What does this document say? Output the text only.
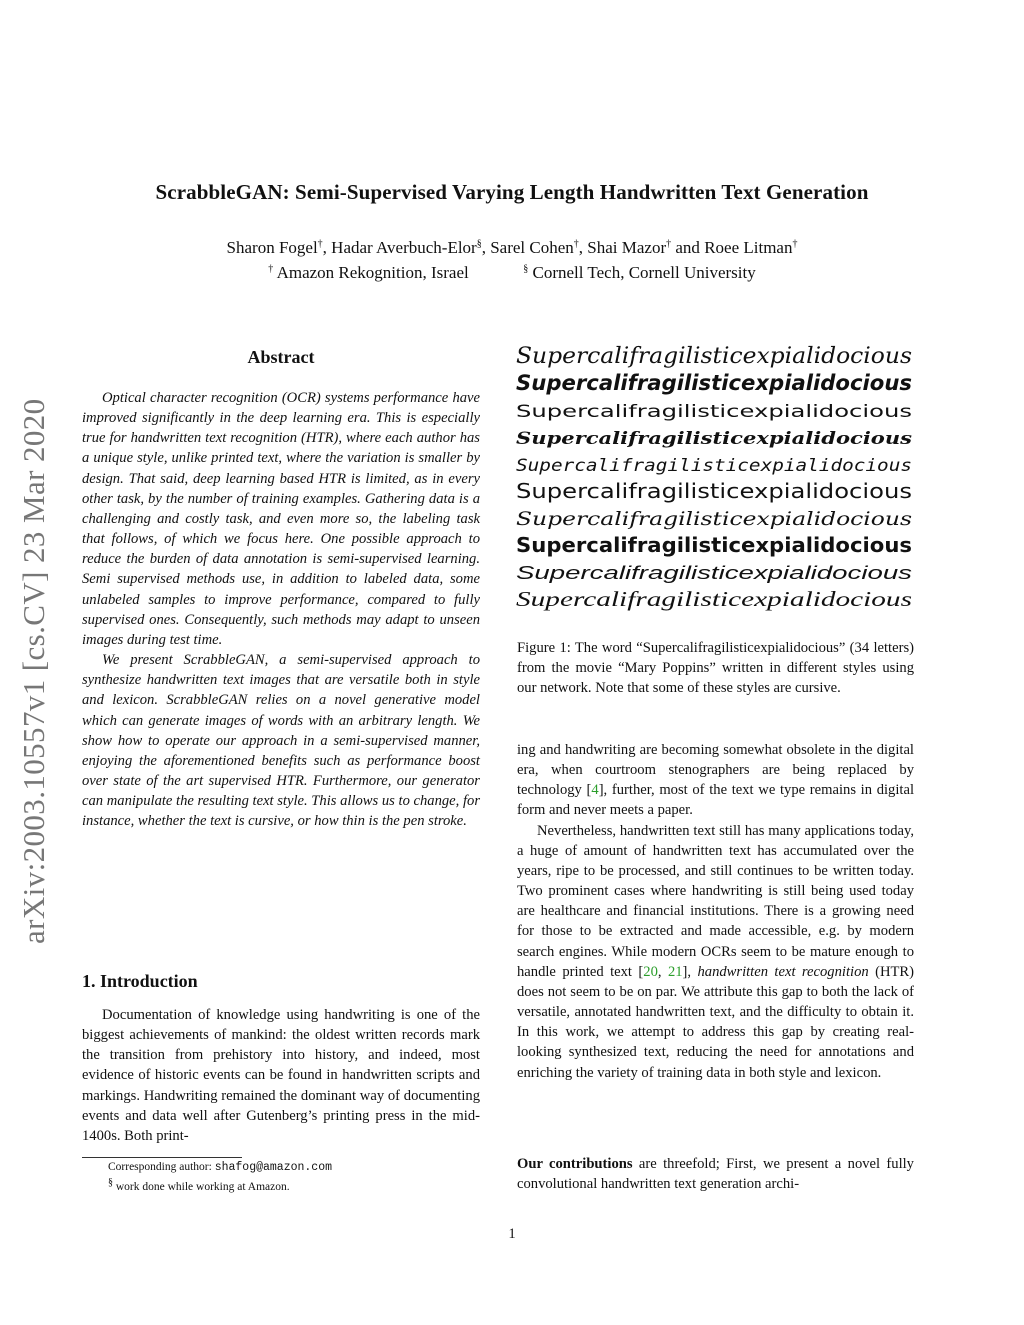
ScrabbleGAN: Semi-Supervised Varying Length Handwritten Text Generation
Sharon Fogel†, Hadar Averbuch-Elor§, Sarel Cohen†, Shai Mazor† and Roee Litman†
† Amazon Rekognition, Israel	§ Cornell Tech, Cornell University
arXiv:2003.10557v1 [cs.CV] 23 Mar 2020
Abstract

Optical character recognition (OCR) systems performance have improved significantly in the deep learning era. This is especially true for handwritten text recognition (HTR), where each author has a unique style, unlike printed text, where the variation is smaller by design. That said, deep learning based HTR is limited, as in every other task, by the number of training examples. Gathering data is a challenging and costly task, and even more so, the labeling task that follows, of which we focus here. One possible approach to reduce the burden of data annotation is semi-supervised learning. Semi supervised methods use, in addition to labeled data, some unlabeled samples to improve performance, compared to fully supervised ones. Consequently, such methods may adapt to unseen images during test time.

We present ScrabbleGAN, a semi-supervised approach to synthesize handwritten text images that are versatile both in style and lexicon. ScrabbleGAN relies on a novel generative model which can generate images of words with an arbitrary length. We show how to operate our approach in a semi-supervised manner, enjoying the aforementioned benefits such as performance boost over state of the art supervised HTR. Furthermore, our generator can manipulate the resulting text style. This allows us to change, for instance, whether the text is cursive, or how thin is the pen stroke.

1. Introduction

Documentation of knowledge using handwriting is one of the biggest achievements of mankind: the oldest written records mark the transition from prehistory into history, and indeed, most evidence of historic events can be found in handwritten scripts and markings. Handwriting remained the dominant way of documenting events and data well after Gutenberg’s printing press in the mid-1400s. Both print-

Corresponding author: shafog@amazon.com
§ work done while working at Amazon.
Supercalifragilisticexpialidocious
Supercalifragilisticexpialidocious
Supercalifragilisticexpialidocious
Supercalifragilisticexpialidocious
Supercalifragilisticexpialidocious
Supercalifragilisticexpialidocious
Supercalifragilisticexpialidocious
Supercalifragilisticexpialidocious
Supercalifragilisticexpialidocious
Supercalifragilisticexpialidocious
Figure 1: The word “Supercalifragilisticexpialidocious” (34 letters) from the movie “Mary Poppins” written in different styles using our network. Note that some of these styles are cursive.

ing and handwriting are becoming somewhat obsolete in the digital era, when courtroom stenographers are being replaced by technology [4], further, most of the text we type remains in digital form and never meets a paper.

Nevertheless, handwritten text still has many applications today, a huge of amount of handwritten text has accumulated over the years, ripe to be processed, and still continues to be written today. Two prominent cases where handwriting is still being used today are healthcare and financial institutions. There is a growing need for those to be extracted and made accessible, e.g. by modern search engines. While modern OCRs seem to be mature enough to handle printed text [20, 21], handwritten text recognition (HTR) does not seem to be on par. We attribute this gap to both the lack of versatile, annotated handwritten text, and the difficulty to obtain it. In this work, we attempt to address this gap by creating real-looking synthesized text, reducing the need for annotations and enriching the variety of training data in both style and lexicon.

Our contributions are threefold; First, we present a novel fully convolutional handwritten text generation archi-
1
